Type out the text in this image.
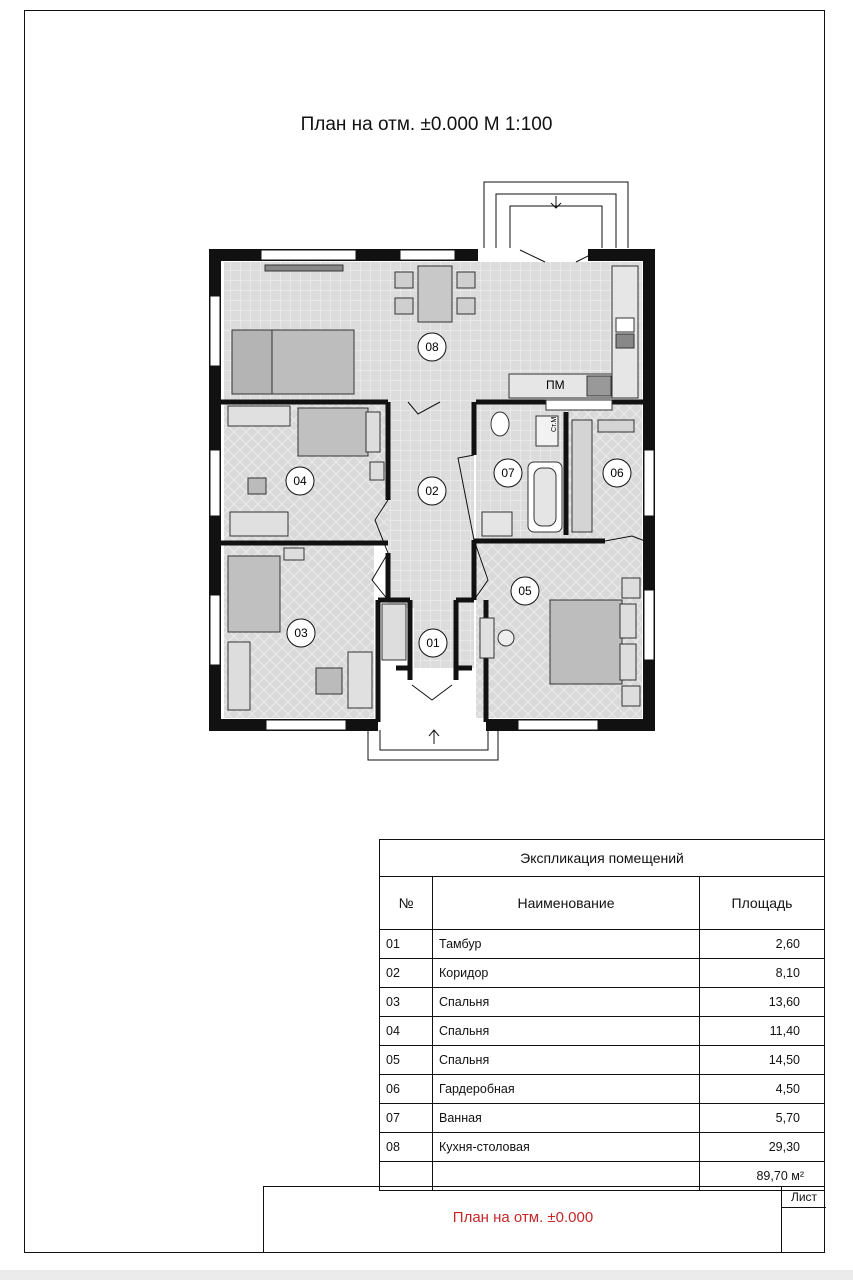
План на отм. ±0.000 М 1:100
ПМ
Ст.М
08
04
02
07	06
05
03
01
Экспликация помещений		
№	Наименование	Площадь
01	Тамбур	2,60
02	Коридор	8,10
03	Спальня	13,60
04	Спальня	11,40
05	Спальня	14,50
06	Гардеробная	4,50
07	Ванная	5,70
08	Кухня-столовая	29,30
		89,70 м²
План на отм. ±0.000
Лист
